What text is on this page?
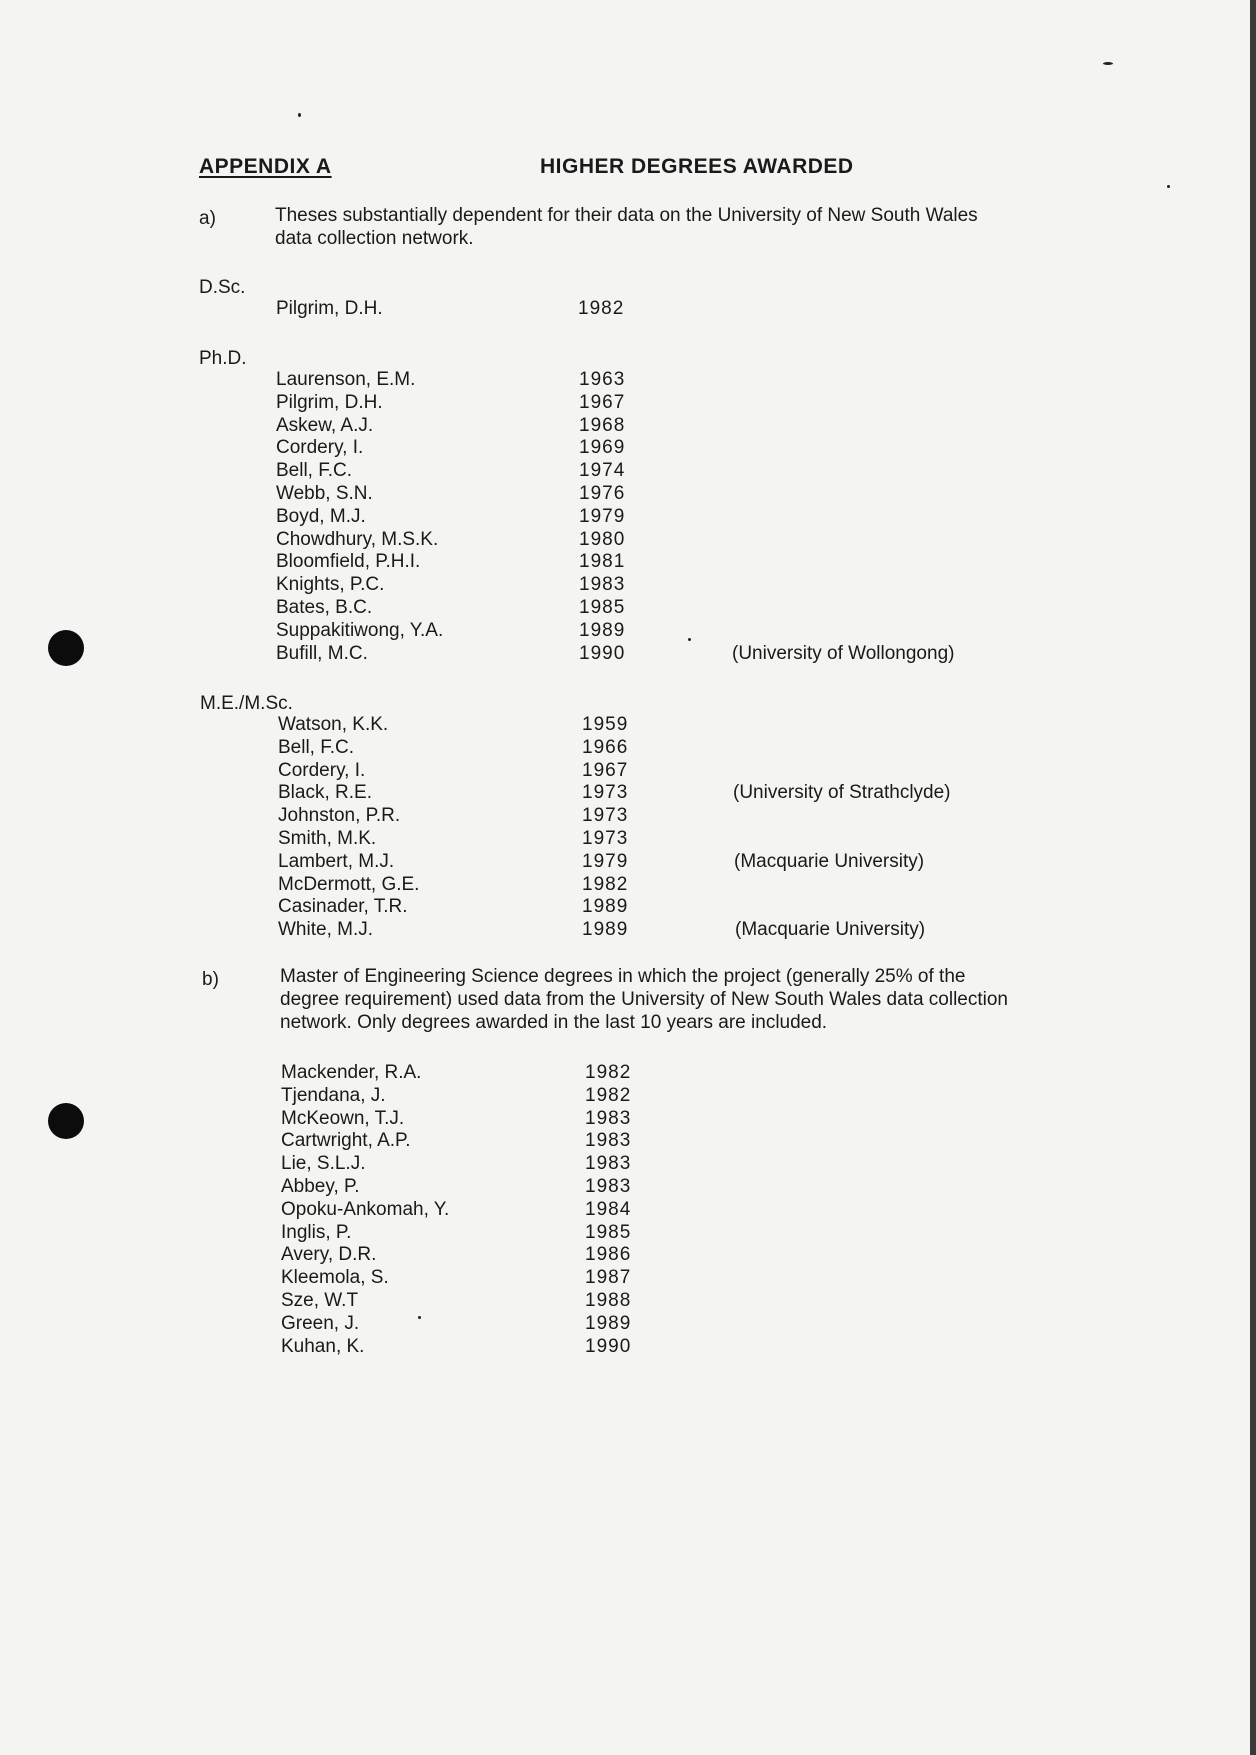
APPENDIX A	HIGHER DEGREES AWARDED
a)	Theses substantially dependent for their data on the University of New South Wales
data collection network.
D.Sc.
Pilgrim, D.H.	1982
Ph.D.
Laurenson, E.M.	1963
Pilgrim, D.H.	1967
Askew, A.J.	1968
Cordery, I.	1969
Bell, F.C.	1974
Webb, S.N.	1976
Boyd, M.J.	1979
Chowdhury, M.S.K.	1980
Bloomfield, P.H.I.	1981
Knights, P.C.	1983
Bates, B.C.	1985
Suppakitiwong, Y.A.	1989
Bufill, M.C.	1990	(University of Wollongong)
M.E./M.Sc.
Watson, K.K.	1959
Bell, F.C.	1966
Cordery, I.	1967
Black, R.E.	1973	(University of Strathclyde)
Johnston, P.R.	1973
Smith, M.K.	1973
Lambert, M.J.	1979	(Macquarie University)
McDermott, G.E.	1982
Casinader, T.R.	1989
White, M.J.	1989	(Macquarie University)
b)	Master of Engineering Science degrees in which the project (generally 25% of the
degree requirement) used data from the University of New South Wales data collection
network. Only degrees awarded in the last 10 years are included.
Mackender, R.A.	1982
Tjendana, J.	1982
McKeown, T.J.	1983
Cartwright, A.P.	1983
Lie, S.L.J.	1983
Abbey, P.	1983
Opoku-Ankomah, Y.	1984
Inglis, P.	1985
Avery, D.R.	1986
Kleemola, S.	1987
Sze, W.T	1988
Green, J.	1989
Kuhan, K.	1990
